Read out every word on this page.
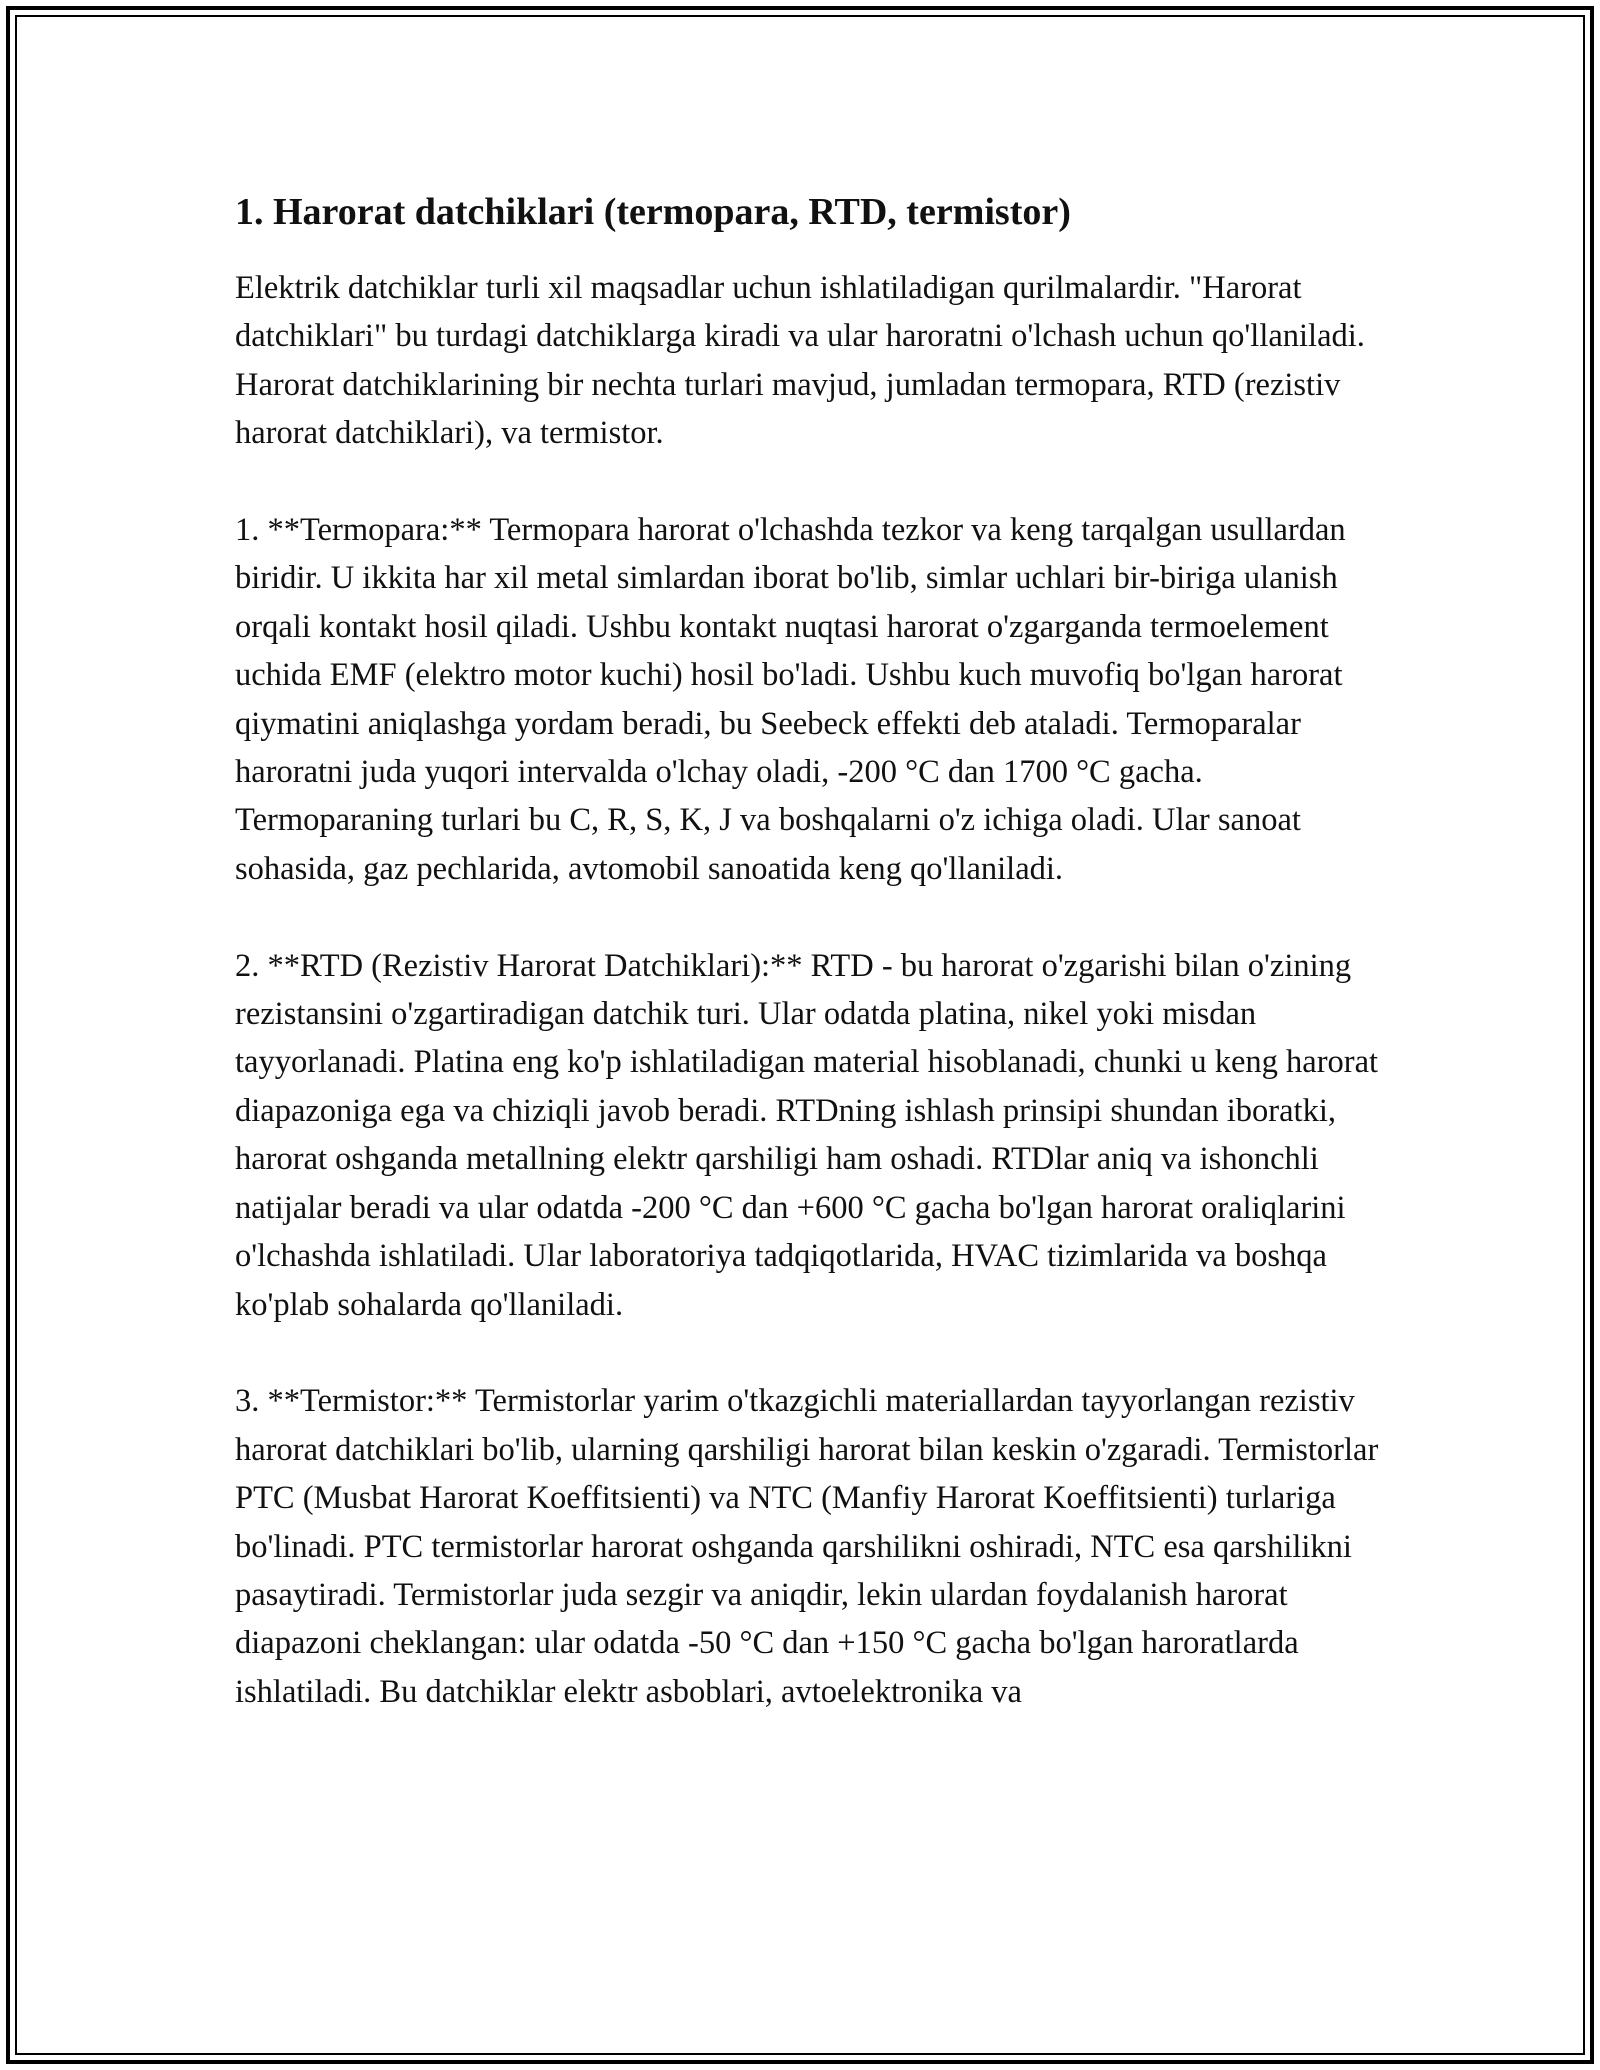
1. Harorat datchiklari (termopara, RTD, termistor)

Elektrik datchiklar turli xil maqsadlar uchun ishlatiladigan qurilmalardir. "Harorat datchiklari" bu turdagi datchiklarga kiradi va ular haroratni o'lchash uchun qo'llaniladi. Harorat datchiklarining bir nechta turlari mavjud, jumladan termopara, RTD (rezistiv harorat datchiklari), va termistor.

1. **Termopara:** Termopara harorat o'lchashda tezkor va keng tarqalgan usullardan biridir. U ikkita har xil metal simlardan iborat bo'lib, simlar uchlari bir-biriga ulanish orqali kontakt hosil qiladi. Ushbu kontakt nuqtasi harorat o'zgarganda termoelement uchida EMF (elektro motor kuchi) hosil bo'ladi. Ushbu kuch muvofiq bo'lgan harorat qiymatini aniqlashga yordam beradi, bu Seebeck effekti deb ataladi. Termoparalar haroratni juda yuqori intervalda o'lchay oladi, -200 °C dan 1700 °C gacha. Termoparaning turlari bu C, R, S, K, J va boshqalarni o'z ichiga oladi. Ular sanoat sohasida, gaz pechlarida, avtomobil sanoatida keng qo'llaniladi.

2. **RTD (Rezistiv Harorat Datchiklari):** RTD - bu harorat o'zgarishi bilan o'zining rezistansini o'zgartiradigan datchik turi. Ular odatda platina, nikel yoki misdan tayyorlanadi. Platina eng ko'p ishlatiladigan material hisoblanadi, chunki u keng harorat diapazoniga ega va chiziqli javob beradi. RTDning ishlash prinsipi shundan iboratki, harorat oshganda metallning elektr qarshiligi ham oshadi. RTDlar aniq va ishonchli natijalar beradi va ular odatda -200 °C dan +600 °C gacha bo'lgan harorat oraliqlarini o'lchashda ishlatiladi. Ular laboratoriya tadqiqotlarida, HVAC tizimlarida va boshqa ko'plab sohalarda qo'llaniladi.

3. **Termistor:** Termistorlar yarim o'tkazgichli materiallardan tayyorlangan rezistiv harorat datchiklari bo'lib, ularning qarshiligi harorat bilan keskin o'zgaradi. Termistorlar PTC (Musbat Harorat Koeffitsienti) va NTC (Manfiy Harorat Koeffitsienti) turlariga bo'linadi. PTC termistorlar harorat oshganda qarshilikni oshiradi, NTC esa qarshilikni pasaytiradi. Termistorlar juda sezgir va aniqdir, lekin ulardan foydalanish harorat diapazoni cheklangan: ular odatda -50 °C dan +150 °C gacha bo'lgan haroratlarda ishlatiladi. Bu datchiklar elektr asboblari, avtoelektronika va
